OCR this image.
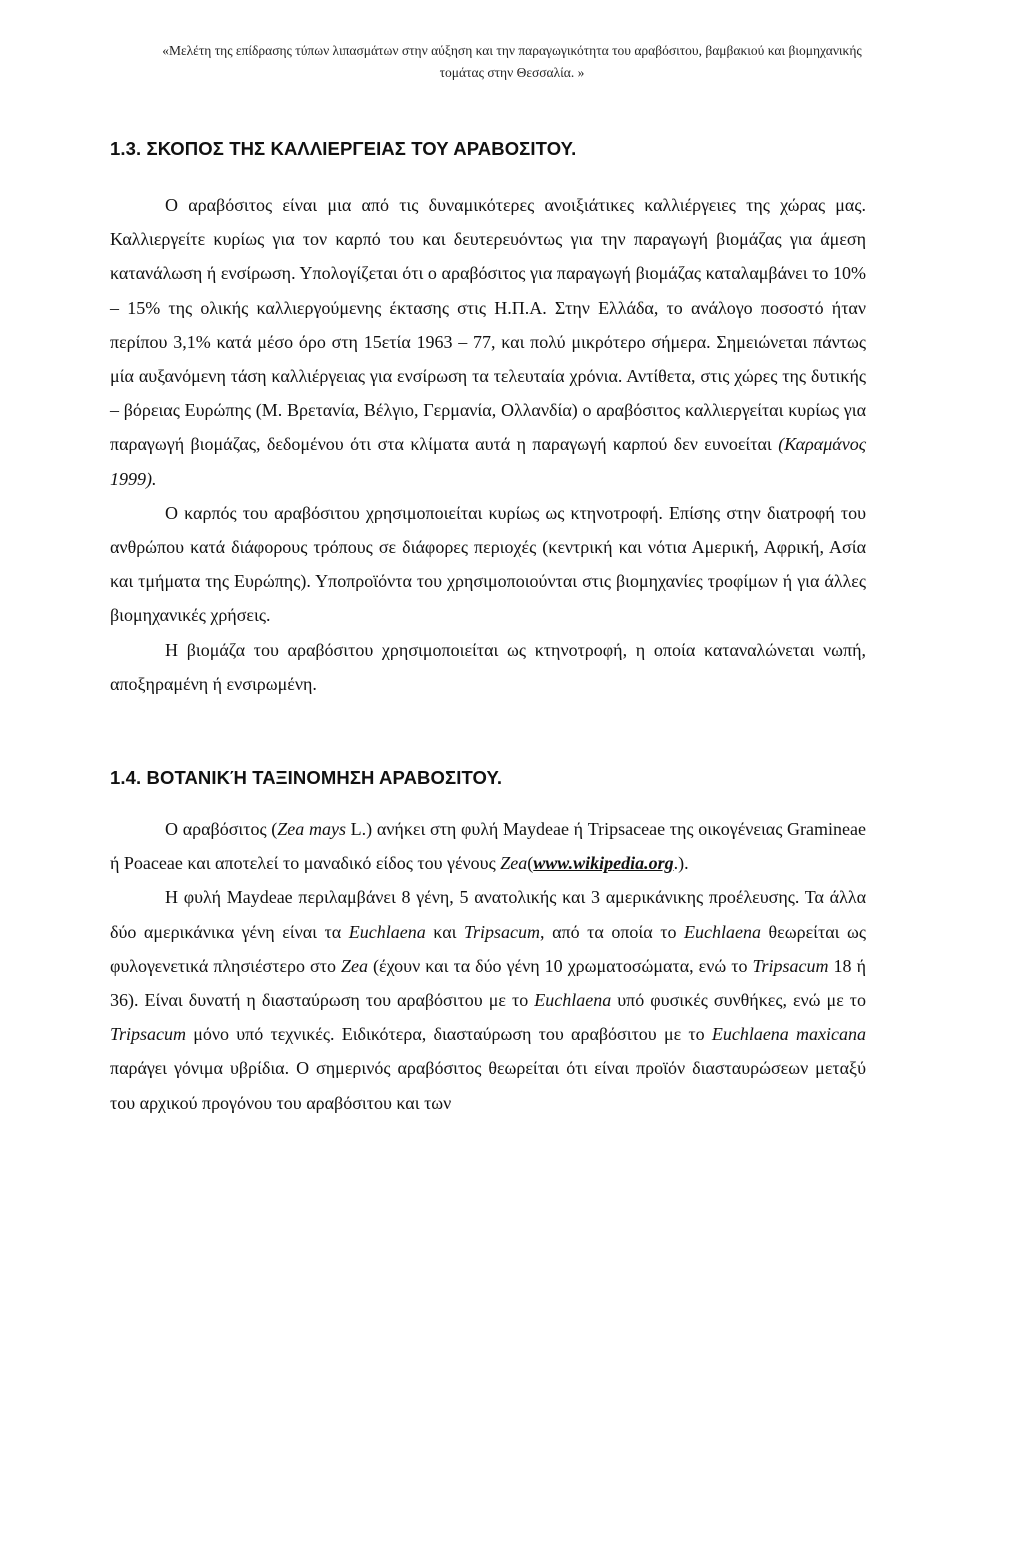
«Μελέτη της επίδρασης τύπων λιπασμάτων στην αύξηση και την παραγωγικότητα του αραβόσιτου, βαμβακιού και βιομηχανικής
τομάτας στην Θεσσαλία. »
1.3. ΣΚΟΠΟΣ ΤΗΣ ΚΑΛΛΙΕΡΓΕΙΑΣ ΤΟΥ ΑΡΑΒΟΣΙΤΟΥ.

Ο αραβόσιτος είναι μια από τις δυναμικότερες ανοιξιάτικες καλλιέργειες της χώρας μας. Καλλιεργείτε κυρίως για τον καρπό του και δευτερευόντως για την παραγωγή βιομάζας για άμεση κατανάλωση ή ενσίρωση. Υπολογίζεται ότι ο αραβόσιτος για παραγωγή βιομάζας καταλαμβάνει το 10% – 15% της ολικής καλλιεργούμενης έκτασης στις Η.Π.Α. Στην Ελλάδα, το ανάλογο ποσοστό ήταν περίπου 3,1% κατά μέσο όρο στη 15ετία 1963 – 77, και πολύ μικρότερο σήμερα. Σημειώνεται πάντως μία αυξανόμενη τάση καλλιέργειας για ενσίρωση τα τελευταία χρόνια. Αντίθετα, στις χώρες της δυτικής – βόρειας Ευρώπης (Μ. Βρετανία, Βέλγιο, Γερμανία, Ολλανδία) ο αραβόσιτος καλλιεργείται κυρίως για παραγωγή βιομάζας, δεδομένου ότι στα κλίματα αυτά η παραγωγή καρπού δεν ευνοείται (Καραμάνος 1999).

Ο καρπός του αραβόσιτου χρησιμοποιείται κυρίως ως κτηνοτροφή. Επίσης στην διατροφή του ανθρώπου κατά διάφορους τρόπους σε διάφορες περιοχές (κεντρική και νότια Αμερική, Αφρική, Ασία και τμήματα της Ευρώπης). Υποπροϊόντα του χρησιμοποιούνται στις βιομηχανίες τροφίμων ή για άλλες βιομηχανικές χρήσεις.

Η βιομάζα του αραβόσιτου χρησιμοποιείται ως κτηνοτροφή, η οποία καταναλώνεται νωπή, αποξηραμένη ή ενσιρωμένη.

1.4. ΒΟΤΑΝΙΚΉ ΤΑΞΙΝΟΜΗΣΗ ΑΡΑΒΟΣΙΤΟΥ.

Ο αραβόσιτος (Zea mays L.) ανήκει στη φυλή Maydeae ή Tripsaceae της οικογένειας Gramineae ή Poaceae και αποτελεί το μαναδικό είδος του γένους Zea(www.wikipedia.org.).

Η φυλή Maydeae περιλαμβάνει 8 γένη, 5 ανατολικής και 3 αμερικάνικης προέλευσης. Τα άλλα δύο αμερικάνικα γένη είναι τα Euchlaena και Tripsacum, από τα οποία το Euchlaena θεωρείται ως φυλογενετικά πλησιέστερο στο Zea (έχουν και τα δύο γένη 10 χρωματοσώματα, ενώ το Tripsacum 18 ή 36). Είναι δυνατή η διασταύρωση του αραβόσιτου με το Euchlaena υπό φυσικές συνθήκες, ενώ με το Tripsacum μόνο υπό τεχνικές. Ειδικότερα, διασταύρωση του αραβόσιτου με το Euchlaena maxicana παράγει γόνιμα υβρίδια. Ο σημερινός αραβόσιτος θεωρείται ότι είναι προϊόν διασταυρώσεων μεταξύ του αρχικού προγόνου του αραβόσιτου και των
